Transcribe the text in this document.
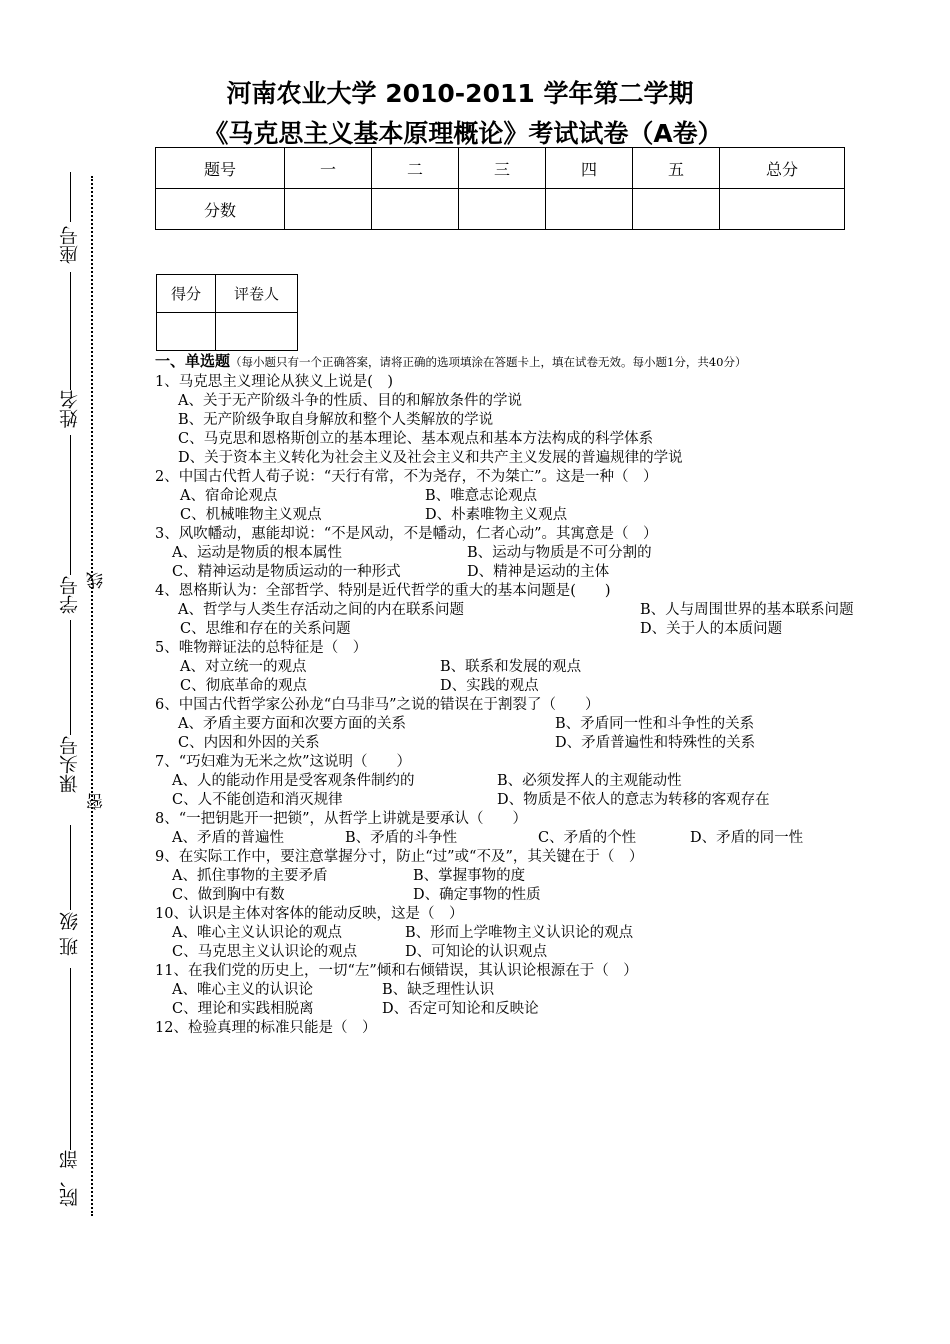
座号
姓名
学号 线
课头号
密
班 级
院、部
河南农业大学 2010-2011 学年第二学期
《马克思主义基本原理概论》考试试卷（A卷）
题号	一	二	三	四	五	总分
分数						
得分	评卷人

一、单选题（每小题只有一个正确答案，请将正确的选项填涂在答题卡上，填在试卷无效。每小题1分，共40分）
1、马克思主义理论从狭义上说是(　)
A、关于无产阶级斗争的性质、目的和解放条件的学说
B、无产阶级争取自身解放和整个人类解放的学说
C、马克思和恩格斯创立的基本理论、基本观点和基本方法构成的科学体系
D、关于资本主义转化为社会主义及社会主义和共产主义发展的普遍规律的学说
2、中国古代哲人荀子说：“天行有常，不为尧存，不为桀亡”。这是一种（　）
A、宿命论观点	B、唯意志论观点
C、机械唯物主义观点	D、朴素唯物主义观点
3、风吹幡动，惠能却说：“不是风动，不是幡动，仁者心动”。其寓意是（　）
A、运动是物质的根本属性	B、运动与物质是不可分割的
C、精神运动是物质运动的一种形式	D、精神是运动的主体
4、恩格斯认为：全部哲学、特别是近代哲学的重大的基本问题是(　　)
A、哲学与人类生存活动之间的内在联系问题	B、人与周围世界的基本联系问题
C、思维和存在的关系问题	D、关于人的本质问题
5、唯物辩证法的总特征是（　）
A、对立统一的观点	B、联系和发展的观点
C、彻底革命的观点	D、实践的观点
6、中国古代哲学家公孙龙“白马非马”之说的错误在于割裂了（　　）
A、矛盾主要方面和次要方面的关系	B、矛盾同一性和斗争性的关系
C、内因和外因的关系	D、矛盾普遍性和特殊性的关系
7、“巧妇难为无米之炊”这说明（　　）
A、人的能动作用是受客观条件制约的	B、必须发挥人的主观能动性
C、人不能创造和消灭规律	D、物质是不依人的意志为转移的客观存在
8、“一把钥匙开一把锁”，从哲学上讲就是要承认（　　）
A、矛盾的普遍性	B、矛盾的斗争性	C、矛盾的个性	D、矛盾的同一性
9、在实际工作中，要注意掌握分寸，防止“过”或“不及”，其关键在于（　）
A、抓住事物的主要矛盾	B、掌握事物的度
C、做到胸中有数	D、确定事物的性质
10、认识是主体对客体的能动反映，这是（　）
A、唯心主义认识论的观点	B、形而上学唯物主义认识论的观点
C、马克思主义认识论的观点	D、可知论的认识观点
11、在我们党的历史上，一切“左”倾和右倾错误，其认识论根源在于（　）
A、唯心主义的认识论	B、缺乏理性认识
C、理论和实践相脱离	D、否定可知论和反映论
12、检验真理的标准只能是（　）
